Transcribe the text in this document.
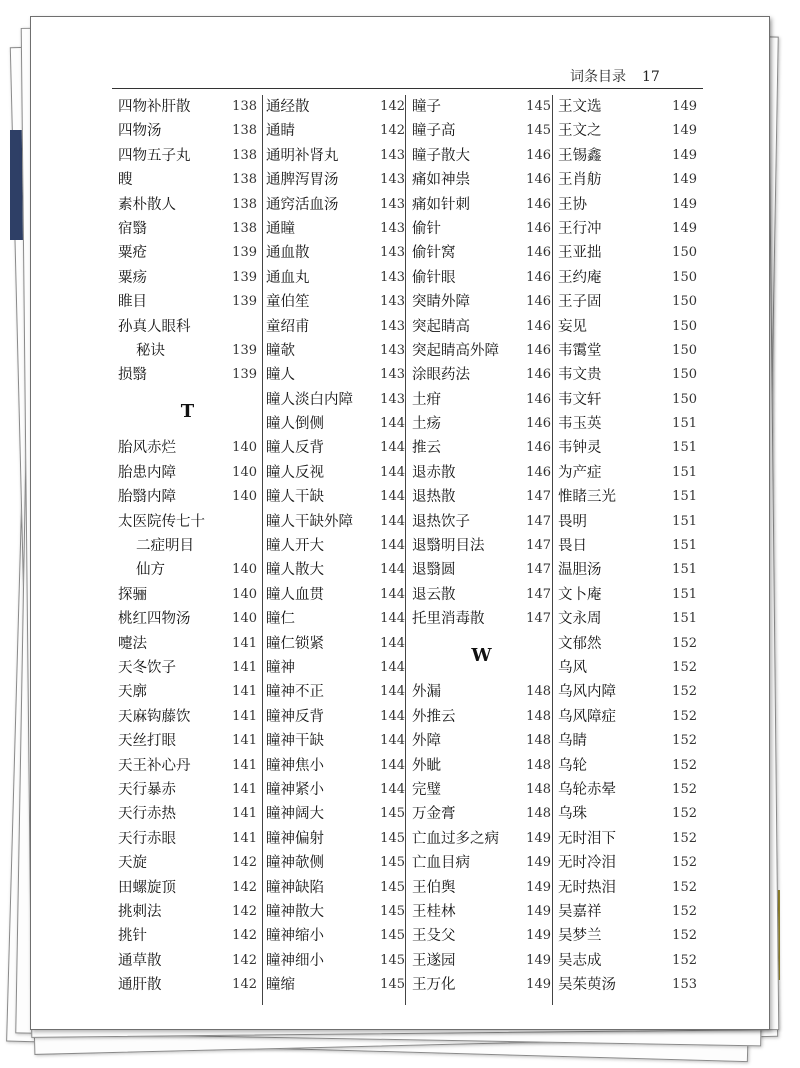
词条目录 17
四物补肝散	138
四物汤	138
四物五子丸	138
瞍	138
素朴散人	138
宿翳	138
粟疮	139
粟疡	139
睢目	139
孙真人眼科
秘诀	139
损翳	139
T
胎风赤烂	140
胎患内障	140
胎翳内障	140
太医院传七十
二症明目
仙方	140
探骊	140
桃红四物汤	140
嚏法	141
天冬饮子	141
天廓	141
天麻钩藤饮	141
天丝打眼	141
天王补心丹	141
天行暴赤	141
天行赤热	141
天行赤眼	141
天旋	142
田螺旋顶	142
挑刺法	142
挑针	142
通草散	142
通肝散	142
通经散	142
通睛	142
通明补肾丸	143
通脾泻胃汤	143
通窍活血汤	143
通瞳	143
通血散	143
通血丸	143
童伯笙	143
童绍甫	143
瞳欹	143
瞳人	143
瞳人淡白内障 143
瞳人倒侧	144
瞳人反背	144
瞳人反视	144
瞳人干缺	144
瞳人干缺外障 144
瞳人开大	144
瞳人散大	144
瞳人血贯	144
瞳仁	144
瞳仁锁紧	144
瞳神	144
瞳神不正	144
瞳神反背	144
瞳神干缺	144
瞳神焦小	144
瞳神紧小	144
瞳神阔大	145
瞳神偏射	145
瞳神欹侧	145
瞳神缺陷	145
瞳神散大	145
瞳神缩小	145
瞳神细小	145
瞳缩	145
瞳子	145
瞳子高	145
瞳子散大	146
痛如神祟	146
痛如针刺	146
偷针	146
偷针窝	146
偷针眼	146
突睛外障	146
突起睛高	146
突起睛高外障 146
涂眼药法	146
土疳	146
土疡	146
推云	146
退赤散	146
退热散	147
退热饮子	147
退翳明目法	147
退翳圆	147
退云散	147
托里消毒散	147
W
外漏	148
外推云	148
外障	148
外眦	148
完璧	148
万金膏	148
亡血过多之病 149
亡血目病	149
王伯舆	149
王桂林	149
王殳父	149
王遂园	149
王万化	149
王文选	149
王文之	149
王锡鑫	149
王肖舫	149
王协	149
王行冲	149
王亚拙	150
王约庵	150
王子固	150
妄见	150
韦霭堂	150
韦文贵	150
韦文轩	150
韦玉英	151
韦钟灵	151
为产症	151
惟睹三光	151
畏明	151
畏日	151
温胆汤	151
文卜庵	151
文永周	151
文郁然	152
乌风	152
乌风内障	152
乌风障症	152
乌睛	152
乌轮	152
乌轮赤晕	152
乌珠	152
无时泪下	152
无时冷泪	152
无时热泪	152
吴嘉祥	152
吴梦兰	152
吴志成	152
吴茱萸汤	153
